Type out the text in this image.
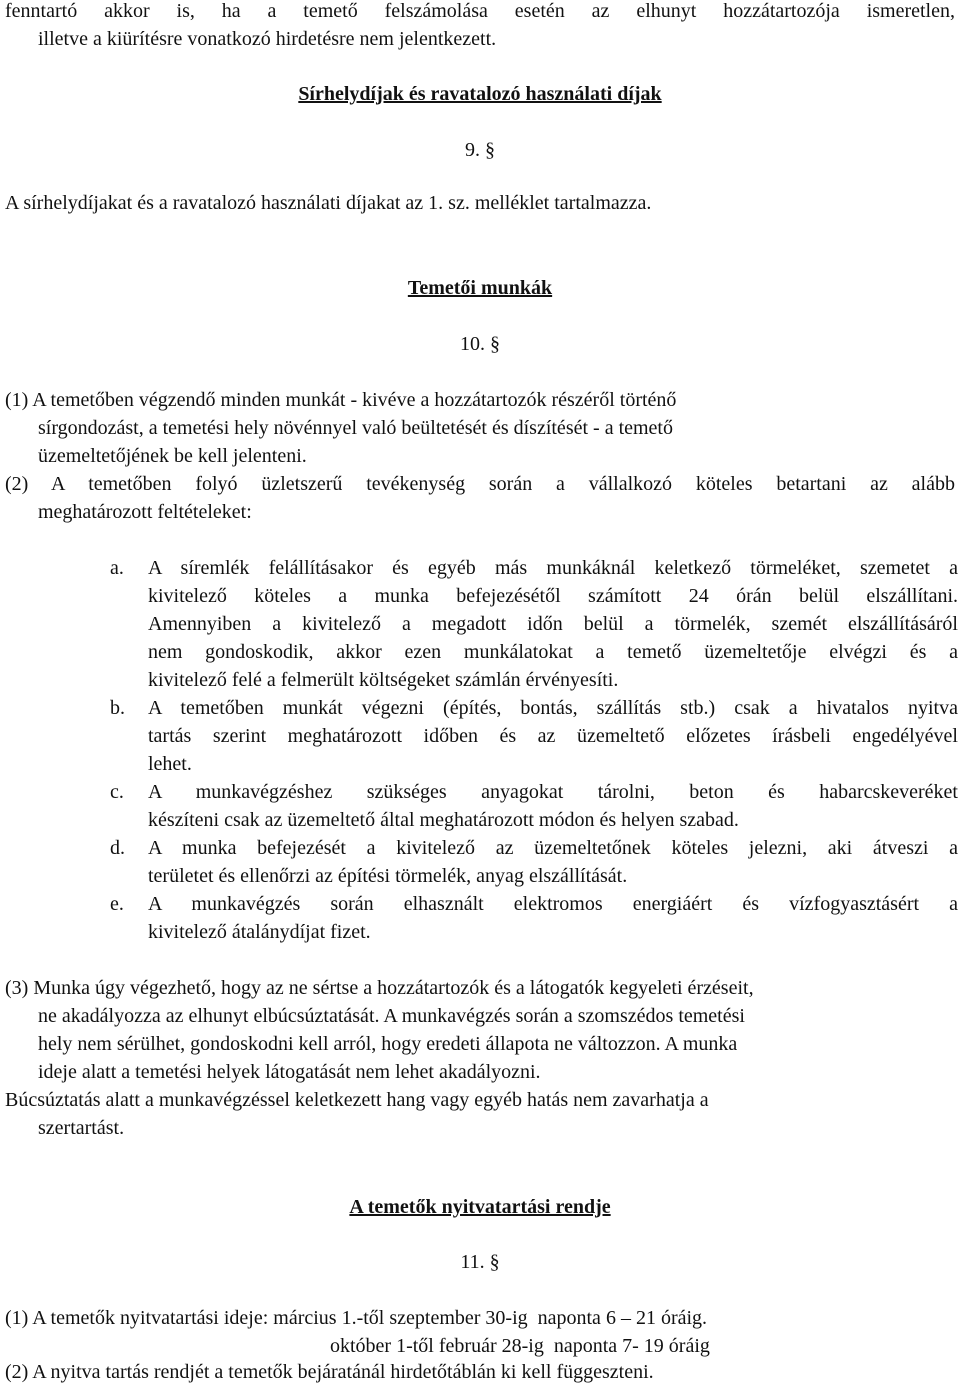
fenntartó akkor is, ha a temető felszámolása esetén az elhunyt hozzátartozója ismeretlen,
illetve a kiürítésre vonatkozó hirdetésre nem jelentkezett.
Sírhelydíjak és ravatalozó használati díjak
9. §
A sírhelydíjakat és a ravatalozó használati díjakat az 1. sz. melléklet tartalmazza.
Temetői munkák
10. §
(1) A temetőben végzendő minden munkát - kivéve a hozzátartozók részéről történő
sírgondozást, a temetési hely növénnyel való beültetését és díszítését - a temető
üzemeltetőjének be kell jelenteni.
(2) A temetőben folyó üzletszerű tevékenység során a vállalkozó köteles betartani az alább
meghatározott feltételeket:
a. A síremlék felállításakor és egyéb más munkáknál keletkező törmeléket, szemetet a
kivitelező köteles a munka befejezésétől számított 24 órán belül elszállítani.
Amennyiben a kivitelező a megadott időn belül a törmelék, szemét elszállításáról
nem gondoskodik, akkor ezen munkálatokat a temető üzemeltetője elvégzi és a
kivitelező felé a felmerült költségeket számlán érvényesíti.
b. A temetőben munkát végezni (építés, bontás, szállítás stb.) csak a hivatalos nyitva
tartás szerint meghatározott időben és az üzemeltető előzetes írásbeli engedélyével
lehet.
c. A munkavégzéshez szükséges anyagokat tárolni, beton és habarcskeveréket
készíteni csak az üzemeltető által meghatározott módon és helyen szabad.
d. A munka befejezését a kivitelező az üzemeltetőnek köteles jelezni, aki átveszi a
területet és ellenőrzi az építési törmelék, anyag elszállítását.
e. A munkavégzés során elhasznált elektromos energiáért és vízfogyasztásért a
kivitelező átalánydíjat fizet.
(3) Munka úgy végezhető, hogy az ne sértse a hozzátartozók és a látogatók kegyeleti érzéseit,
ne akadályozza az elhunyt elbúcsúztatását. A munkavégzés során a szomszédos temetési
hely nem sérülhet, gondoskodni kell arról, hogy eredeti állapota ne változzon. A munka
ideje alatt a temetési helyek látogatását nem lehet akadályozni.
Búcsúztatás alatt a munkavégzéssel keletkezett hang vagy egyéb hatás nem zavarhatja a
szertartást.
A temetők nyitvatartási rendje
11. §
(1) A temetők nyitvatartási ideje: március 1.-től szeptember 30-ig  naponta 6 – 21 óráig.
október 1-től február 28-ig  naponta 7- 19 óráig
(2) A nyitva tartás rendjét a temetők bejáratánál hirdetőtáblán ki kell függeszteni.
